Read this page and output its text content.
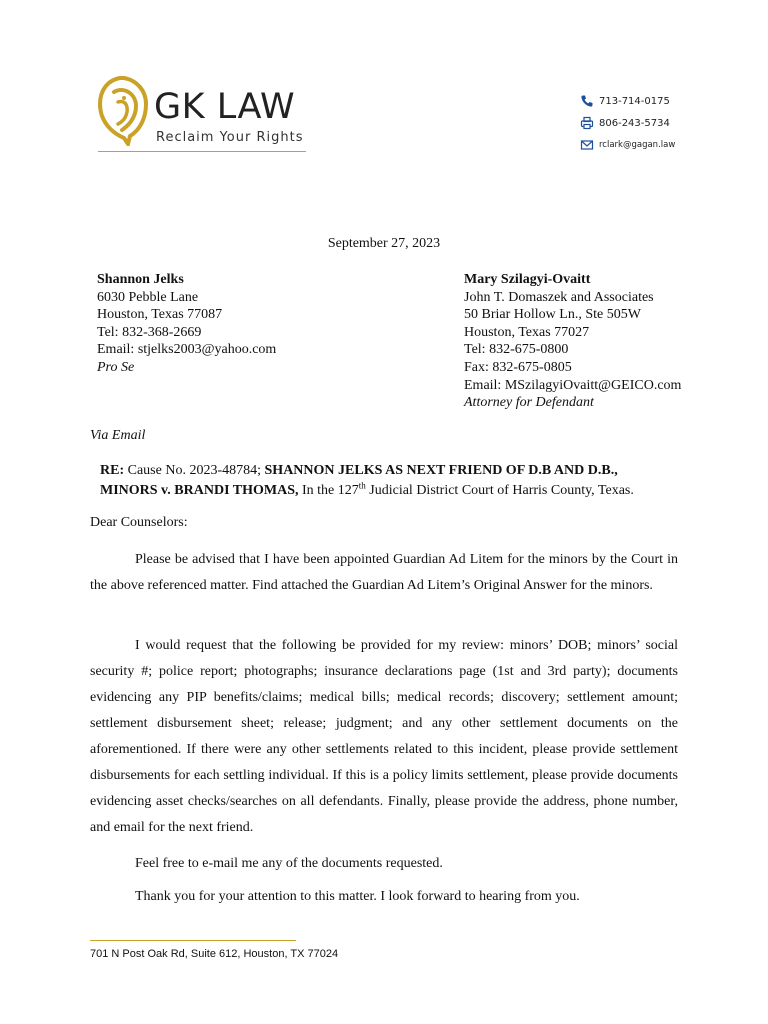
GK LAW
Reclaim Your Rights
713-714-0175
806-243-5734
rclark@gagan.law
September 27, 2023
Shannon Jelks
6030 Pebble Lane
Houston, Texas 77087
Tel: 832-368-2669
Email: stjelks2003@yahoo.com
Pro Se
Mary Szilagyi-Ovaitt
John T. Domaszek and Associates
50 Briar Hollow Ln., Ste 505W
Houston, Texas 77027
Tel: 832-675-0800
Fax: 832-675-0805
Email: MSzilagyiOvaitt@GEICO.com
Attorney for Defendant
Via Email
RE: Cause No. 2023-48784; SHANNON JELKS AS NEXT FRIEND OF D.B AND D.B.,
MINORS v. BRANDI THOMAS, In the 127th Judicial District Court of Harris County, Texas.
Dear Counselors:
Please be advised that I have been appointed Guardian Ad Litem for the minors by the Court in the above referenced matter. Find attached the Guardian Ad Litem’s Original Answer for the minors.
I would request that the following be provided for my review: minors’ DOB; minors’ social security #; police report; photographs; insurance declarations page (1st and 3rd party); documents evidencing any PIP benefits/claims; medical bills; medical records; discovery; settlement amount; settlement disbursement sheet; release; judgment; and any other settlement documents on the aforementioned. If there were any other settlements related to this incident, please provide settlement disbursements for each settling individual. If this is a policy limits settlement, please provide documents evidencing asset checks/searches on all defendants. Finally, please provide the address, phone number, and email for the next friend.
Feel free to e-mail me any of the documents requested.
Thank you for your attention to this matter. I look forward to hearing from you.
701 N Post Oak Rd, Suite 612, Houston, TX 77024
